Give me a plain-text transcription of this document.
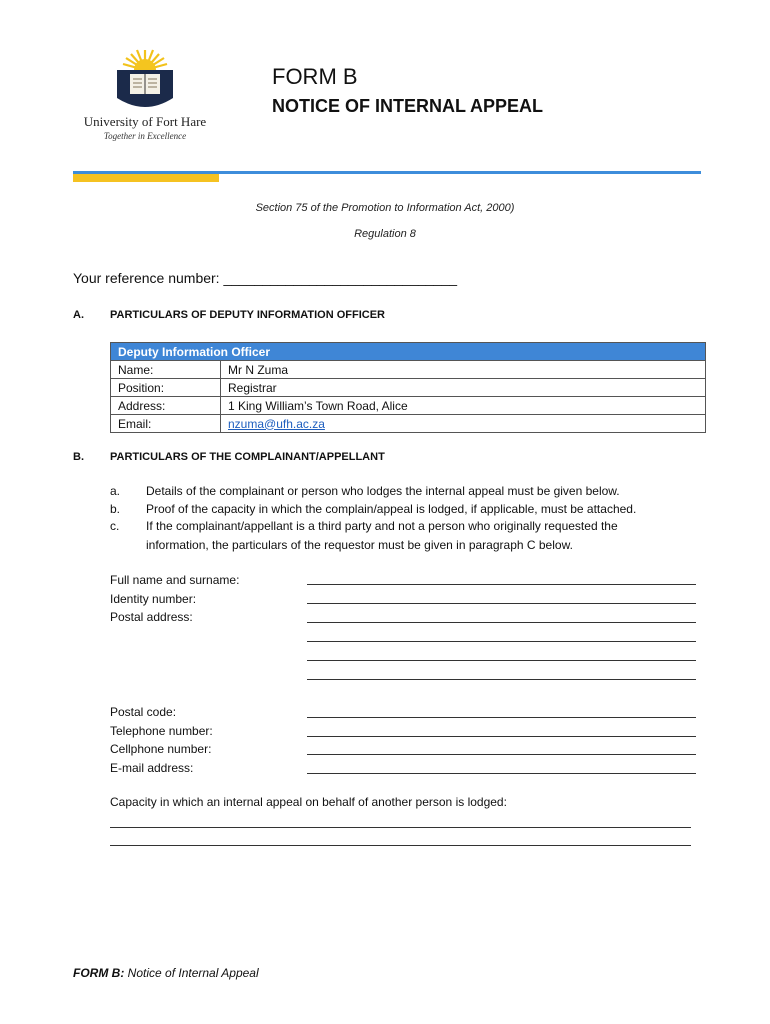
University of Fort Hare
Together in Excellence
FORM B
NOTICE OF INTERNAL APPEAL
Section 75 of the Promotion to Information Act, 2000)
Regulation 8
Your reference number: ______________________________
A. PARTICULARS OF DEPUTY INFORMATION OFFICER
Deputy Information Officer	
Name:	Mr N Zuma
Position:	Registrar
Address:	1 King William’s Town Road, Alice
Email:	nzuma@ufh.ac.za
B. PARTICULARS OF THE COMPLAINANT/APPELLANT
a. Details of the complainant or person who lodges the internal appeal must be given below.
b. Proof of the capacity in which the complain/appeal is lodged, if applicable, must be attached.
c. If the complainant/appellant is a third party and not a person who originally requested the
information, the particulars of the requestor must be given in paragraph C below.
Full name and surname:
Identity number:
Postal address:
Postal code:
Telephone number:
Cellphone number:
E-mail address:
Capacity in which an internal appeal on behalf of another person is lodged:
FORM B: Notice of Internal Appeal
